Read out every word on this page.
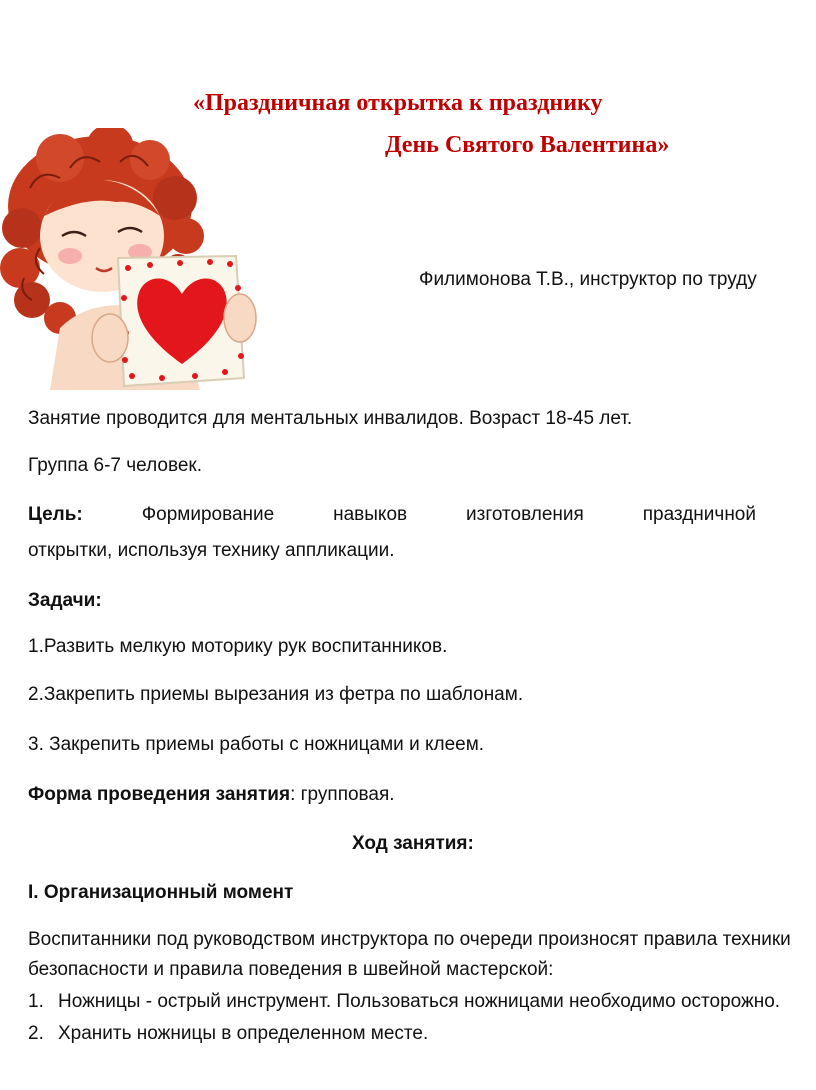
«Праздничная открытка к празднику
День Святого Валентина»
Филимонова Т.В., инструктор по труду
Занятие проводится для ментальных инвалидов. Возраст 18-45 лет.
Группа 6-7 человек.
Цель:	Формирование	навыков	изготовления	праздничной
открытки, используя технику аппликации.
Задачи:
1.Развить мелкую моторику рук воспитанников.
2.Закрепить приемы вырезания из фетра по шаблонам.
3. Закрепить приемы работы с ножницами и клеем.
Форма проведения занятия: групповая.
Ход занятия:
I. Организационный момент
Воспитанники под руководством инструктора по очереди произносят правила техники безопасности и правила поведения в швейной мастерской:
1. Ножницы - острый инструмент. Пользоваться ножницами необходимо осторожно.
2. Хранить ножницы в определенном месте.
